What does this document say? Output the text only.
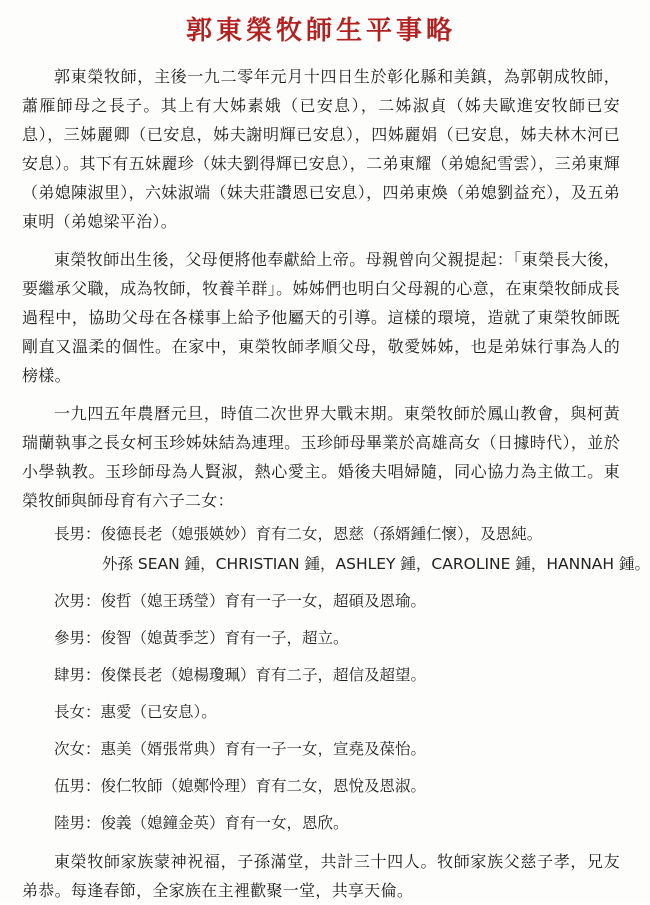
郭東榮牧師生平事略

郭東榮牧師，主後一九二零年元月十四日生於彰化縣和美鎮，為郭朝成牧師，蕭雁師母之長子。其上有大姊素娥（已安息），二姊淑貞（姊夫歐進安牧師已安息），三姊麗卿（已安息，姊夫謝明輝已安息），四姊麗娟（已安息，姊夫林木河已安息）。其下有五妹麗珍（妹夫劉得輝已安息），二弟東耀（弟媳紀雪雲），三弟東輝（弟媳陳淑里），六妹淑端（妹夫莊讚恩已安息），四弟東煥（弟媳劉益充），及五弟東明（弟媳梁平治）。

東榮牧師出生後，父母便將他奉獻給上帝。母親曾向父親提起：「東榮長大後，要繼承父職，成為牧師，牧養羊群」。姊姊們也明白父母親的心意，在東榮牧師成長過程中，協助父母在各樣事上給予他屬天的引導。這樣的環境，造就了東榮牧師既剛直又溫柔的個性。在家中，東榮牧師孝順父母，敬愛姊姊，也是弟妹行事為人的榜樣。

一九四五年農曆元旦，時值二次世界大戰末期。東榮牧師於鳳山教會，與柯黃瑞蘭執事之長女柯玉珍姊妹結為連理。玉珍師母畢業於高雄高女（日據時代），並於小學執教。玉珍師母為人賢淑，熱心愛主。婚後夫唱婦隨，同心協力為主做工。東榮牧師與師母育有六子二女：

長男：俊德長老（媳張媖妙）育有二女，恩慈（孫婿鍾仁懷），及恩純。
外孫 SEAN 鍾，CHRISTIAN 鍾，ASHLEY 鍾，CAROLINE 鍾，HANNAH 鍾。
次男：俊哲（媳王琇瑩）育有一子一女，超碩及恩瑜。
參男：俊智（媳黃季芝）育有一子，超立。
肆男：俊傑長老（媳楊瓊珮）育有二子，超信及超望。
長女：惠愛（已安息）。
次女：惠美（婿張常典）育有一子一女，宣堯及葆怡。
伍男：俊仁牧師（媳鄭怜理）育有二女，恩悅及恩淑。
陸男：俊義（媳鐘金英）育有一女，恩欣。

東榮牧師家族蒙神祝福，子孫滿堂，共計三十四人。牧師家族父慈子孝，兄友弟恭。每逢春節，全家族在主裡歡聚一堂，共享天倫。
